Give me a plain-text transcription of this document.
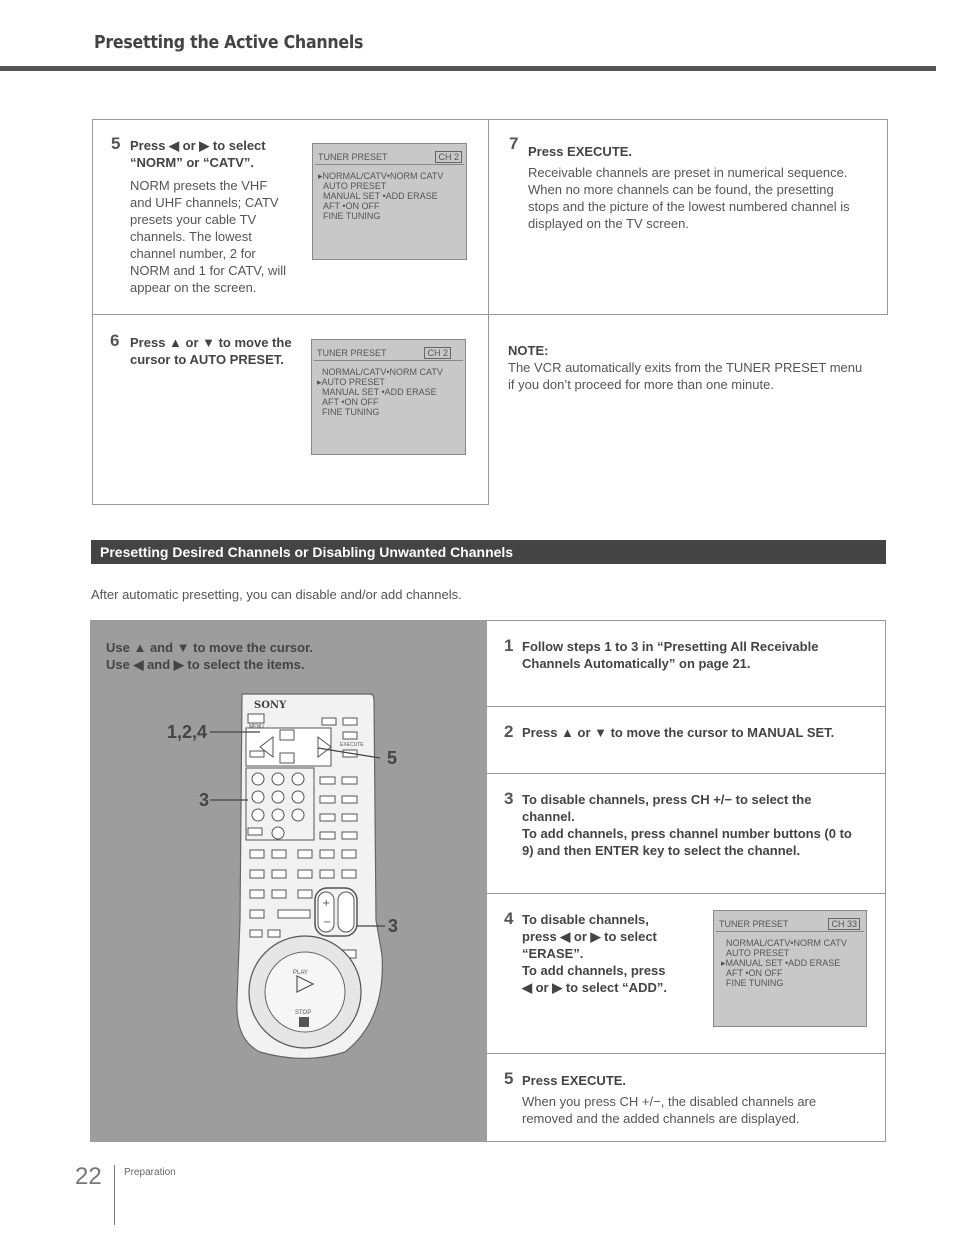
Presetting the Active Channels
5 Press ◀ or ▶ to select
“NORM” or “CATV”.
NORM presets the VHF
and UHF channels; CATV
presets your cable TV
channels. The lowest
channel number, 2 for
NORM and 1 for CATV, will
appear on the screen.
TUNER PRESET	CH 2
▸NORMAL/CATV•NORM CATV
AUTO PRESET
MANUAL SET •ADD ERASE
AFT •ON OFF
FINE TUNING
7 Press EXECUTE.
Receivable channels are preset in numerical sequence.
When no more channels can be found, the presetting
stops and the picture of the lowest numbered channel is
displayed on the TV screen.
6 Press ▲ or ▼ to move the
cursor to AUTO PRESET.	TUNER PRESET	CH 2
NORMAL/CATV•NORM CATV
▸AUTO PRESET
MANUAL SET •ADD ERASE
AFT •ON OFF
FINE TUNING
NOTE:
The VCR automatically exits from the TUNER PRESET menu
if you don’t proceed for more than one minute.
Presetting Desired Channels or Disabling Unwanted Channels
After automatic presetting, you can disable and/or add channels.
Use ▲ and ▼ to move the cursor.
Use ◀ and ▶ to select the items.
+
−
SONY
PLAY
STOP
EXECUTE
MENU
1,2,4
5
3
3
1 Follow steps 1 to 3 in “Presetting All Receivable
Channels Automatically” on page 21.
2 Press ▲ or ▼ to move the cursor to MANUAL SET.
3 To disable channels, press CH +/− to select the
channel.
To add channels, press channel number buttons (0 to
9) and then ENTER key to select the channel.
4 To disable channels,
press ◀ or ▶ to select
“ERASE”.
To add channels, press
◀ or ▶ to select “ADD”.
TUNER PRESET	CH 33
NORMAL/CATV•NORM CATV
AUTO PRESET
▸MANUAL SET •ADD ERASE
AFT •ON OFF
FINE TUNING
5 Press EXECUTE.
When you press CH +/−, the disabled channels are
removed and the added channels are displayed.
22 Preparation
